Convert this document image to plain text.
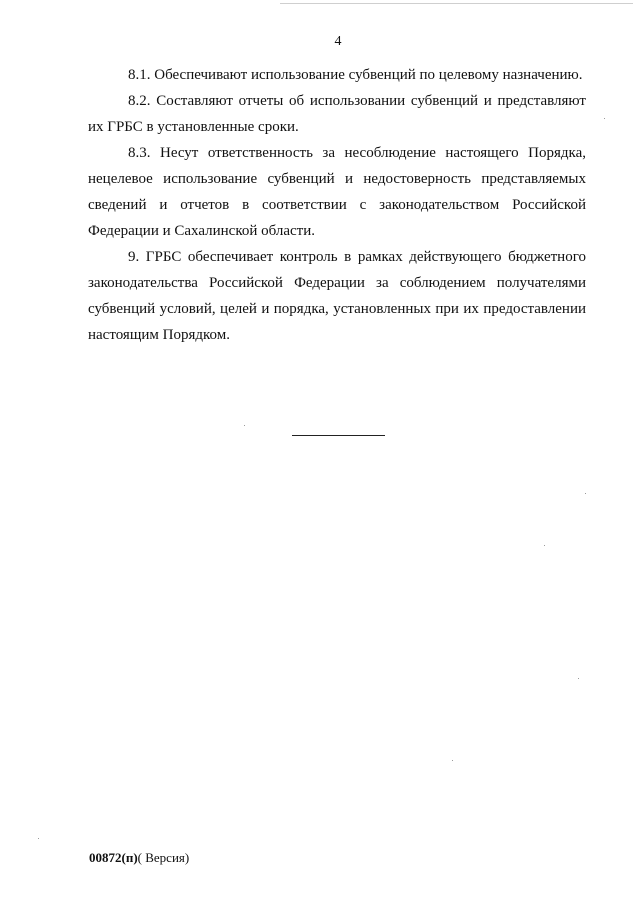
4

8.1. Обеспечивают использование субвенций по целевому назначению.

8.2. Составляют отчеты об использовании субвенций и представляют их ГРБС в установленные сроки.

8.3. Несут ответственность за несоблюдение настоящего Порядка, нецелевое использование субвенций и недостоверность представляемых сведений и отчетов в соответствии с законодательством Российской Федерации и Сахалинской области.

9. ГРБС обеспечивает контроль в рамках действующего бюджетного законодательства Российской Федерации за соблюдением получателями субвенций условий, целей и порядка, установленных при их предоставлении настоящим Порядком.

00872(п)( Версия)
